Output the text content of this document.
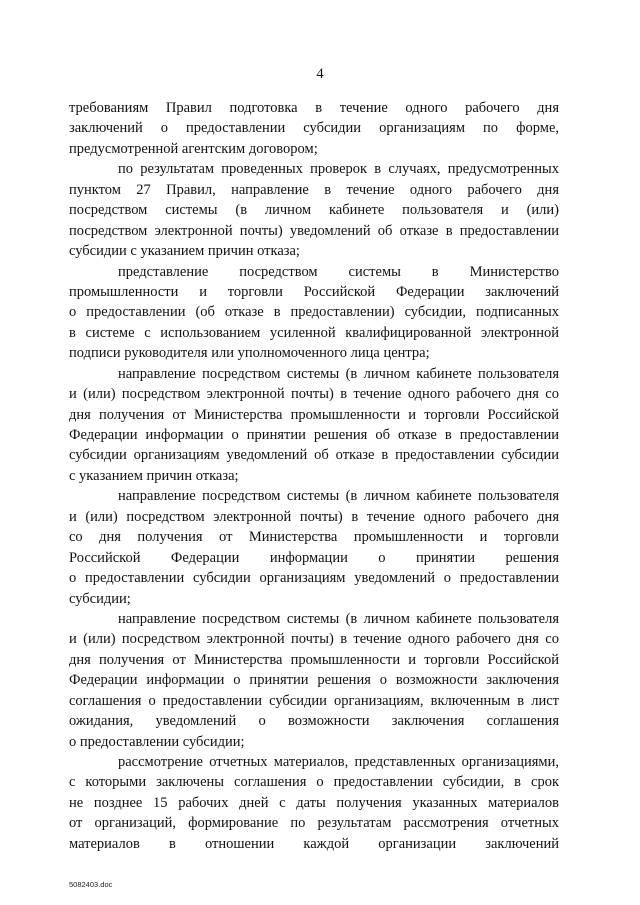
4
требованиям Правил подготовка в течение одного рабочего дня
заключений о предоставлении субсидии организациям по форме,
предусмотренной агентским договором;
по результатам проведенных проверок в случаях, предусмотренных
пунктом 27 Правил, направление в течение одного рабочего дня
посредством системы (в личном кабинете пользователя и (или)
посредством электронной почты) уведомлений об отказе в предоставлении
субсидии с указанием причин отказа;
представление посредством системы в Министерство
промышленности и торговли Российской Федерации заключений
о предоставлении (об отказе в предоставлении) субсидии, подписанных
в системе с использованием усиленной квалифицированной электронной
подписи руководителя или уполномоченного лица центра;
направление посредством системы (в личном кабинете пользователя
и (или) посредством электронной почты) в течение одного рабочего дня со
дня получения от Министерства промышленности и торговли Российской
Федерации информации о принятии решения об отказе в предоставлении
субсидии организациям уведомлений об отказе в предоставлении субсидии
с указанием причин отказа;
направление посредством системы (в личном кабинете пользователя
и (или) посредством электронной почты) в течение одного рабочего дня
со дня получения от Министерства промышленности и торговли
Российской Федерации информации о принятии решения
о предоставлении субсидии организациям уведомлений о предоставлении
субсидии;
направление посредством системы (в личном кабинете пользователя
и (или) посредством электронной почты) в течение одного рабочего дня со
дня получения от Министерства промышленности и торговли Российской
Федерации информации о принятии решения о возможности заключения
соглашения о предоставлении субсидии организациям, включенным в лист
ожидания, уведомлений о возможности заключения соглашения
о предоставлении субсидии;
рассмотрение отчетных материалов, представленных организациями,
с которыми заключены соглашения о предоставлении субсидии, в срок
не позднее 15 рабочих дней с даты получения указанных материалов
от организаций, формирование по результатам рассмотрения отчетных
материалов в отношении каждой организации заключений
5082403.doc
